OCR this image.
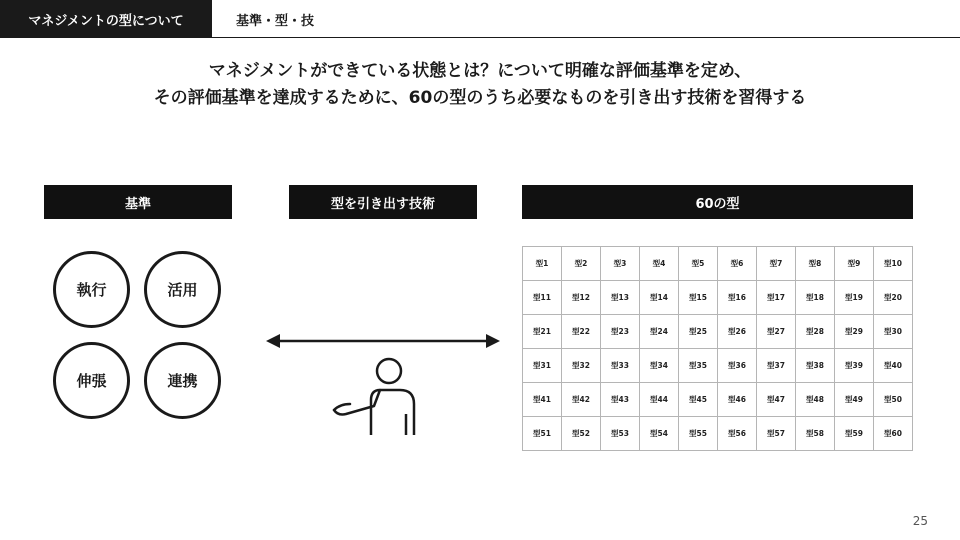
マネジメントの型について	基準・型・技
マネジメントができている状態とは？について明確な評価基準を定め、
その評価基準を達成するために、60の型のうち必要なものを引き出す技術を習得する
基準	型を引き出す技術	60の型
執行	活用
伸張	連携
型1	型2	型3	型4	型5	型6	型7	型8	型9	型10
型11	型12	型13	型14	型15	型16	型17	型18	型19	型20
型21	型22	型23	型24	型25	型26	型27	型28	型29	型30
型31	型32	型33	型34	型35	型36	型37	型38	型39	型40
型41	型42	型43	型44	型45	型46	型47	型48	型49	型50
型51	型52	型53	型54	型55	型56	型57	型58	型59	型60
25
